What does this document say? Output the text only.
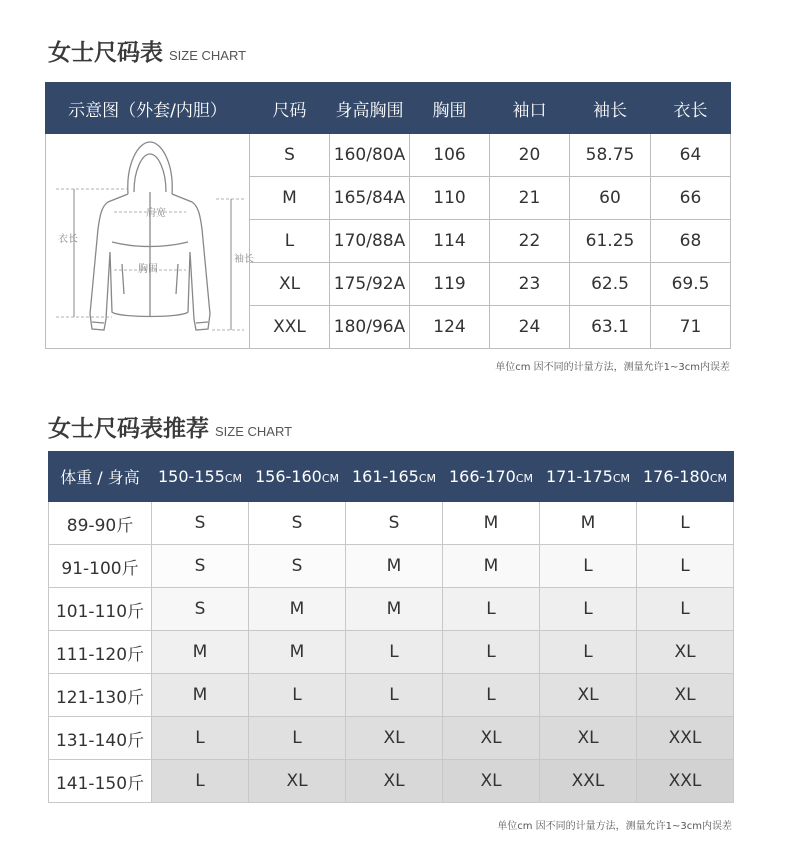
女士尺码表 SIZE CHART
示意图（外套/内胆）	尺码	身高胸围	胸围	袖口	袖长	衣长

肩宽
胸围
衣长
袖长	S	160/80A	106	20	58.75	64
	M	165/84A	110	21	60	66
	L	170/88A	114	22	61.25	68
	XL	175/92A	119	23	62.5	69.5
	XXL	180/96A	124	24	63.1	71
单位cm 因不同的计量方法，测量允许1~3cm内误差
女士尺码表推荐 SIZE CHART
体重 / 身高	150-155CM	156-160CM	161-165CM	166-170CM	171-175CM	176-180CM
89-90斤	S	S	S	M	M	L
91-100斤	S	S	M	M	L	L
101-110斤	S	M	M	L	L	L
111-120斤	M	M	L	L	L	XL
121-130斤	M	L	L	L	XL	XL
131-140斤	L	L	XL	XL	XL	XXL
141-150斤	L	XL	XL	XL	XXL	XXL
单位cm 因不同的计量方法，测量允许1~3cm内误差
